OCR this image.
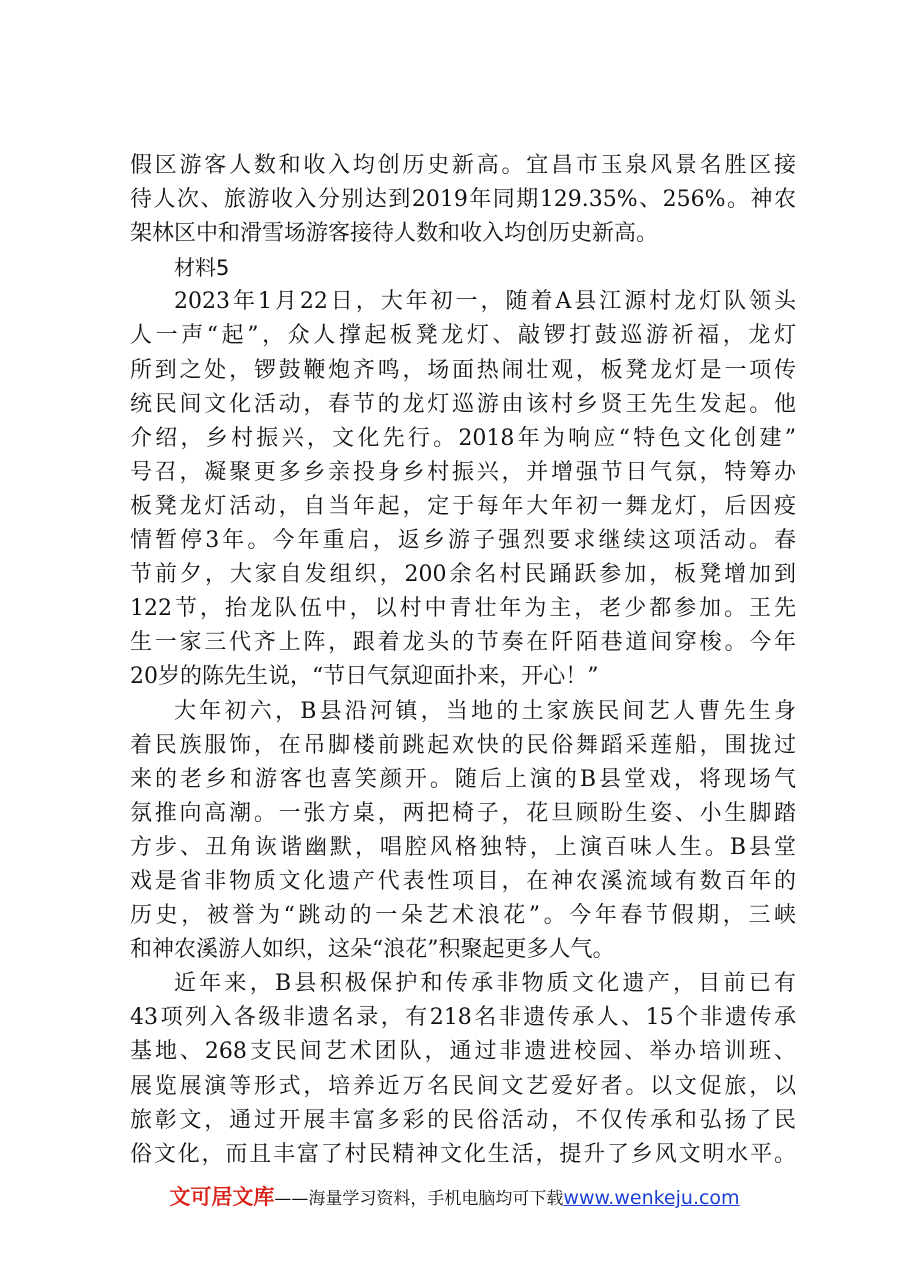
假区游客人数和收入均创历史新高。宜昌市玉泉风景名胜区接
待人次、旅游收入分别达到2019年同期129.35%、256%。神农
架林区中和滑雪场游客接待人数和收入均创历史新高。
材料5
2023年1月22日，大年初一，随着A县江源村龙灯队领头
人一声“起”，众人撑起板凳龙灯、敲锣打鼓巡游祈福，龙灯
所到之处，锣鼓鞭炮齐鸣，场面热闹壮观，板凳龙灯是一项传
统民间文化活动，春节的龙灯巡游由该村乡贤王先生发起。他
介绍，乡村振兴，文化先行。2018年为响应“特色文化创建”
号召，凝聚更多乡亲投身乡村振兴，并增强节日气氛，特筹办
板凳龙灯活动，自当年起，定于每年大年初一舞龙灯，后因疫
情暂停3年。今年重启，返乡游子强烈要求继续这项活动。春
节前夕，大家自发组织，200余名村民踊跃参加，板凳增加到
122节，抬龙队伍中，以村中青壮年为主，老少都参加。王先
生一家三代齐上阵，跟着龙头的节奏在阡陌巷道间穿梭。今年
20岁的陈先生说，“节日气氛迎面扑来，开心！”
大年初六，B县沿河镇，当地的土家族民间艺人曹先生身
着民族服饰，在吊脚楼前跳起欢快的民俗舞蹈采莲船，围拢过
来的老乡和游客也喜笑颜开。随后上演的B县堂戏，将现场气
氛推向高潮。一张方桌，两把椅子，花旦顾盼生姿、小生脚踏
方步、丑角诙谐幽默，唱腔风格独特，上演百味人生。B县堂
戏是省非物质文化遗产代表性项目，在神农溪流域有数百年的
历史，被誉为“跳动的一朵艺术浪花”。今年春节假期，三峡
和神农溪游人如织，这朵“浪花”积聚起更多人气。
近年来，B县积极保护和传承非物质文化遗产，目前已有
43项列入各级非遗名录，有218名非遗传承人、15个非遗传承
基地、268支民间艺术团队，通过非遗进校园、举办培训班、
展览展演等形式，培养近万名民间文艺爱好者。以文促旅，以
旅彰文，通过开展丰富多彩的民俗活动，不仅传承和弘扬了民
俗文化，而且丰富了村民精神文化生活，提升了乡风文明水平。
文可居文库——海量学习资料，手机电脑均可下载www.wenkeju.com
